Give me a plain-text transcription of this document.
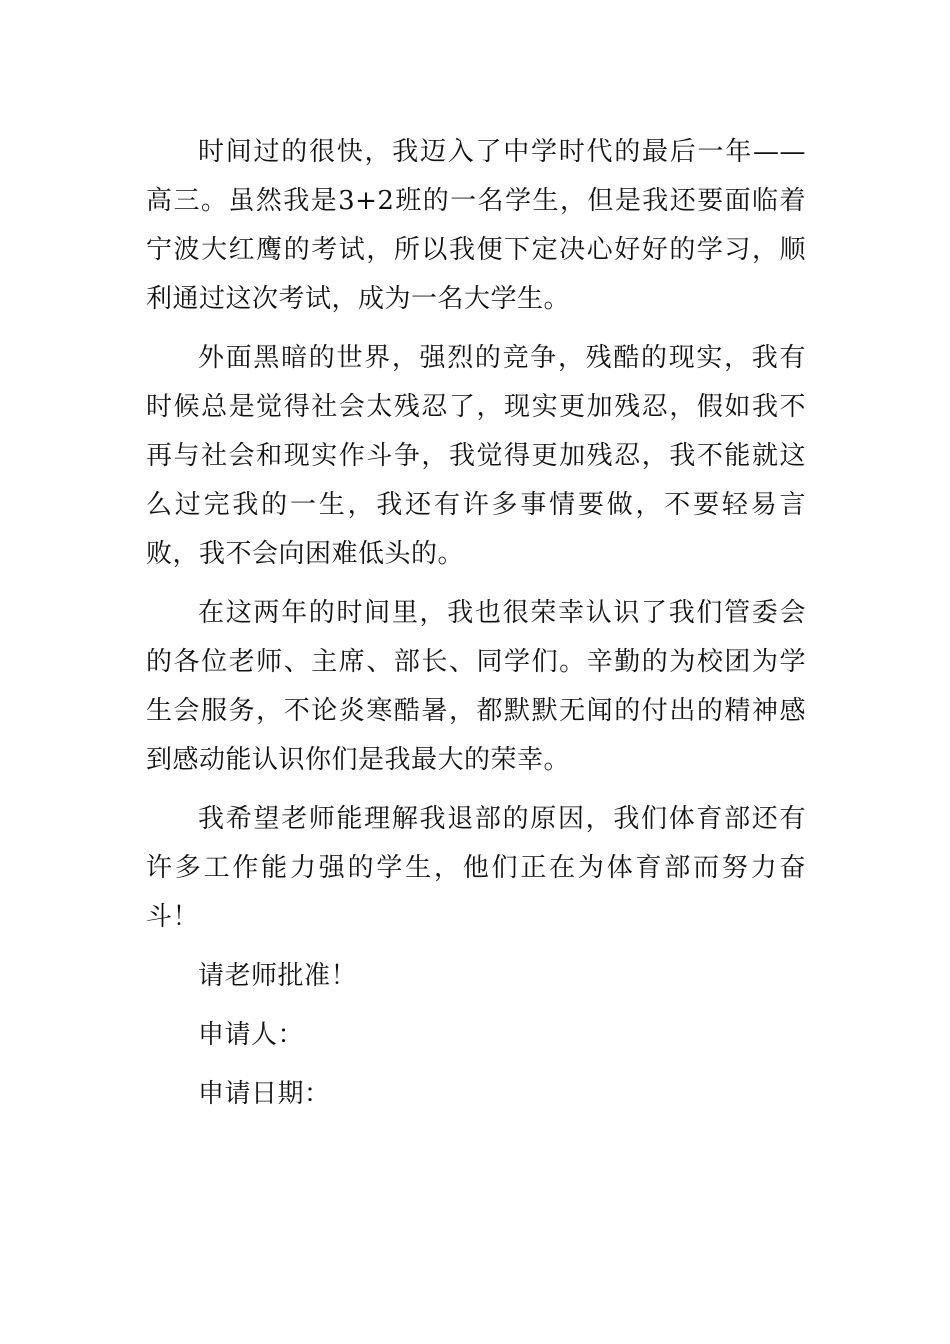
时间过的很快，我迈入了中学时代的最后一年——高三。虽然我是3+2班的一名学生，但是我还要面临着宁波大红鹰的考试，所以我便下定决心好好的学习，顺利通过这次考试，成为一名大学生。

外面黑暗的世界，强烈的竞争，残酷的现实，我有时候总是觉得社会太残忍了，现实更加残忍，假如我不再与社会和现实作斗争，我觉得更加残忍，我不能就这么过完我的一生，我还有许多事情要做，不要轻易言败，我不会向困难低头的。

在这两年的时间里，我也很荣幸认识了我们管委会的各位老师、主席、部长、同学们。辛勤的为校团为学生会服务，不论炎寒酷暑，都默默无闻的付出的精神感到感动能认识你们是我最大的荣幸。

我希望老师能理解我退部的原因，我们体育部还有许多工作能力强的学生，他们正在为体育部而努力奋斗！

请老师批准！

申请人：

申请日期：
